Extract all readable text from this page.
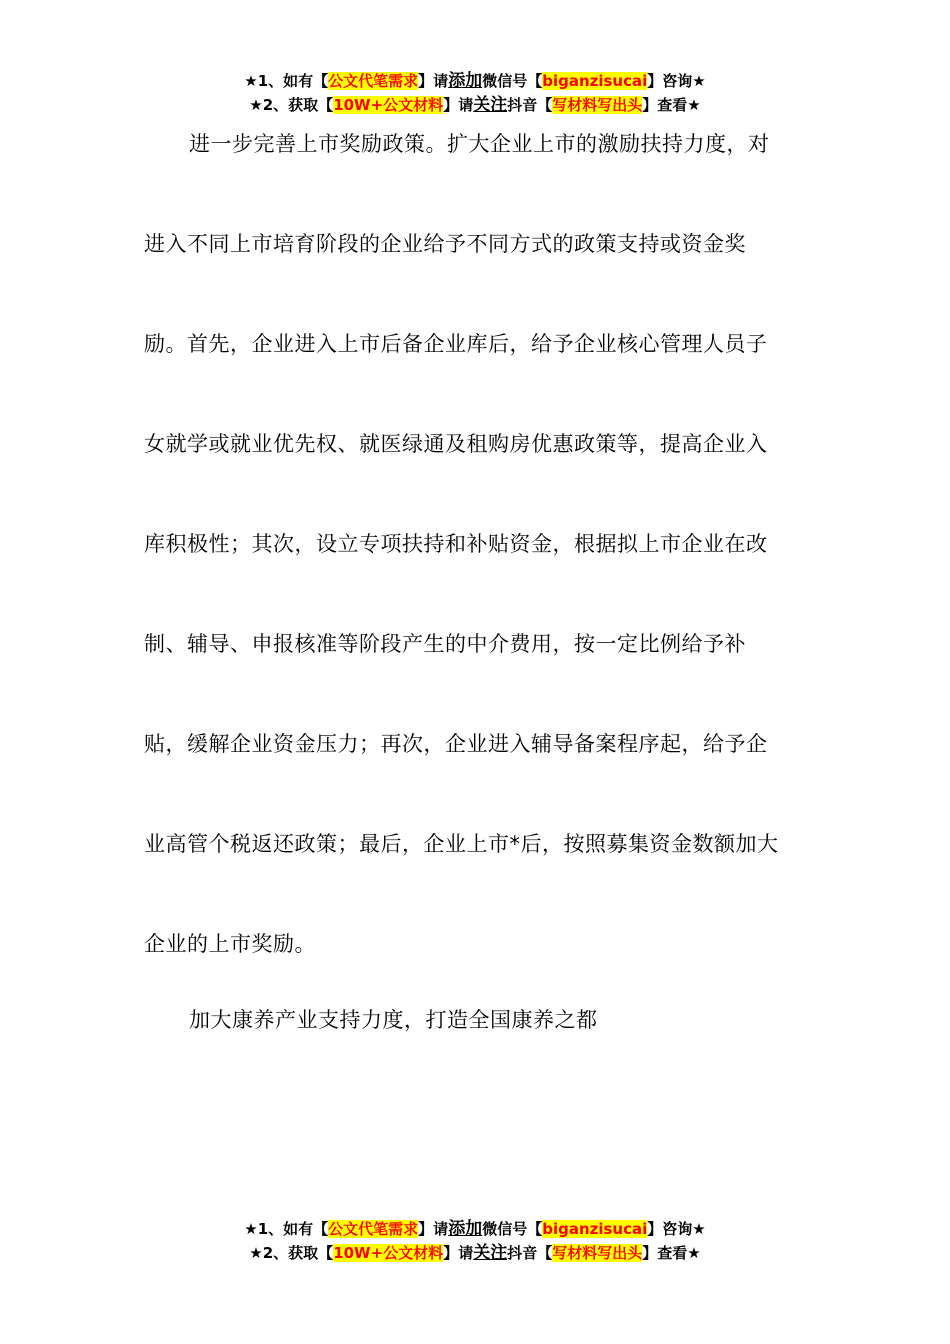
★1、如有【公文代笔需求】请添加微信号【biganzisucai】咨询★
★2、获取【10W+公文材料】请关注抖音【写材料写出头】查看★
进一步完善上市奖励政策。扩大企业上市的激励扶持力度，对
进入不同上市培育阶段的企业给予不同方式的政策支持或资金奖
励。首先，企业进入上市后备企业库后，给予企业核心管理人员子
女就学或就业优先权、就医绿通及租购房优惠政策等，提高企业入
库积极性；其次，设立专项扶持和补贴资金，根据拟上市企业在改
制、辅导、申报核准等阶段产生的中介费用，按一定比例给予补
贴，缓解企业资金压力；再次，企业进入辅导备案程序起，给予企
业高管个税返还政策；最后，企业上市*后，按照募集资金数额加大
企业的上市奖励。
加大康养产业支持力度，打造全国康养之都
★1、如有【公文代笔需求】请添加微信号【biganzisucai】咨询★
★2、获取【10W+公文材料】请关注抖音【写材料写出头】查看★
